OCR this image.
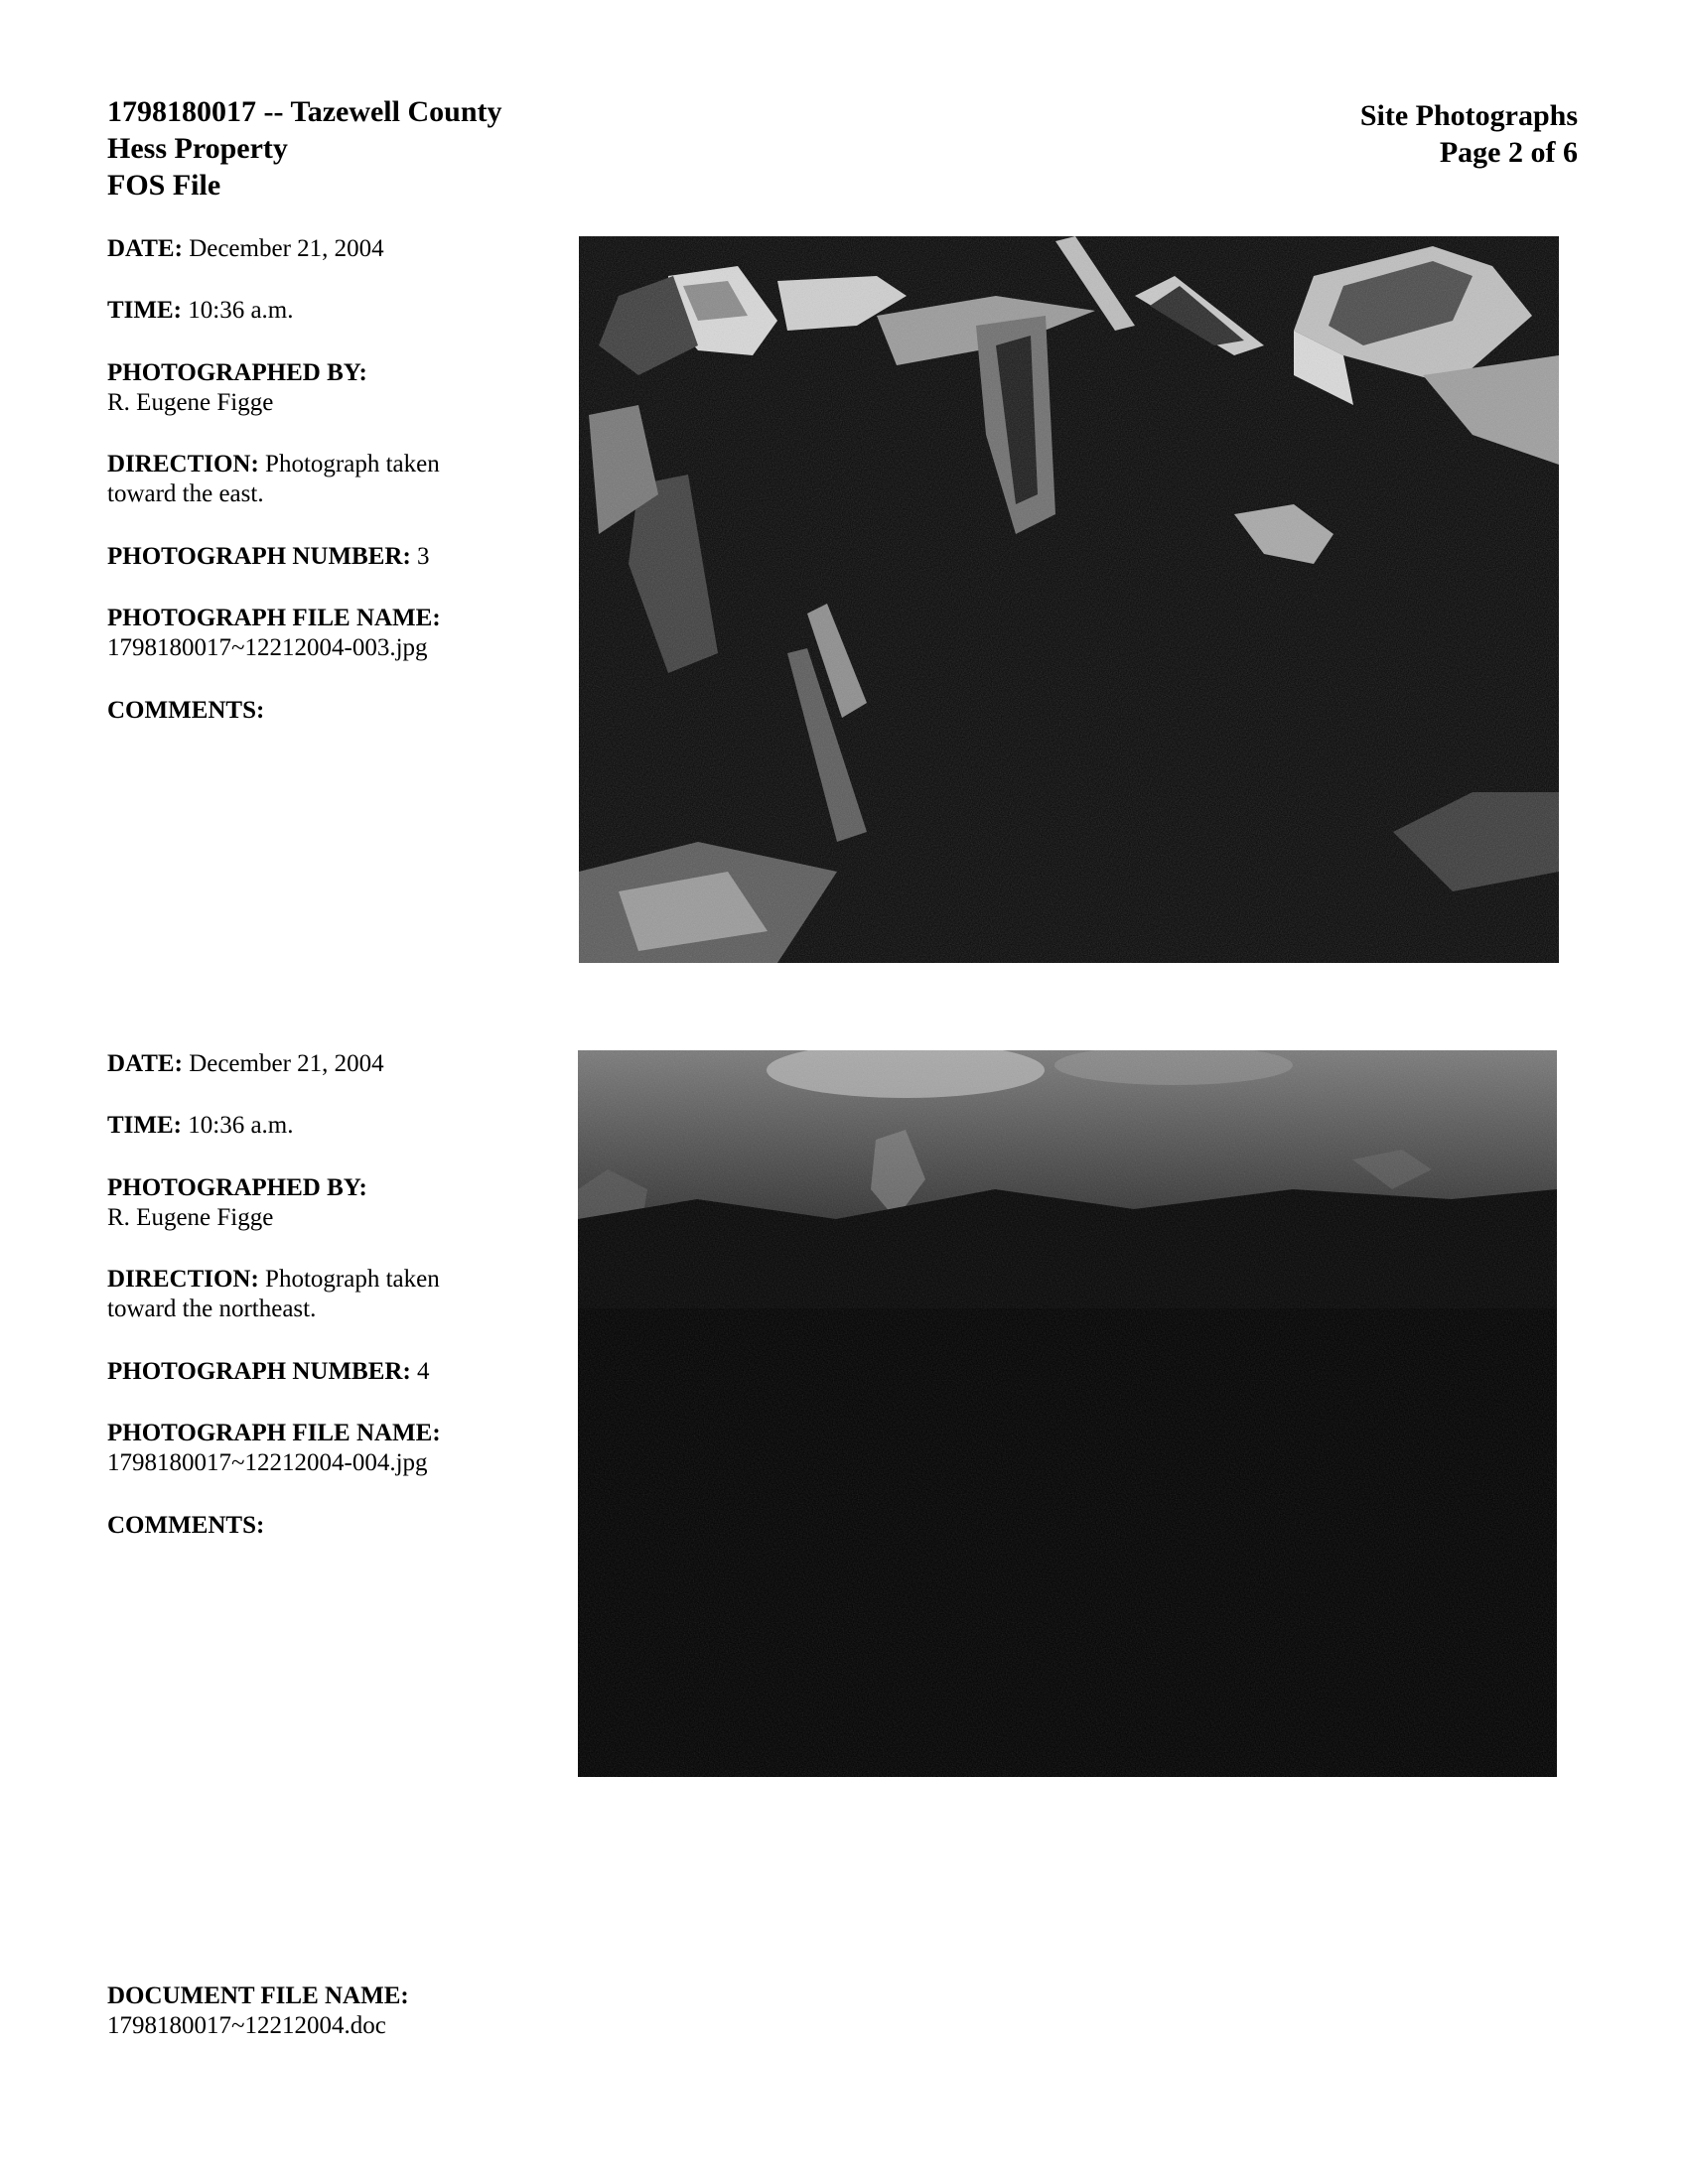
1798180017 -- Tazewell County
Hess Property
FOS File
Site Photographs
Page 2 of 6
DATE: December 21, 2004
TIME: 10:36 a.m.
PHOTOGRAPHED BY:
R. Eugene Figge
DIRECTION: Photograph taken
toward the east.
PHOTOGRAPH NUMBER: 3
PHOTOGRAPH FILE NAME:
1798180017~12212004-003.jpg
COMMENTS:
DATE: December 21, 2004
TIME: 10:36 a.m.
PHOTOGRAPHED BY:
R. Eugene Figge
DIRECTION: Photograph taken
toward the northeast.
PHOTOGRAPH NUMBER: 4
PHOTOGRAPH FILE NAME:
1798180017~12212004-004.jpg
COMMENTS:
DOCUMENT FILE NAME:
1798180017~12212004.doc
